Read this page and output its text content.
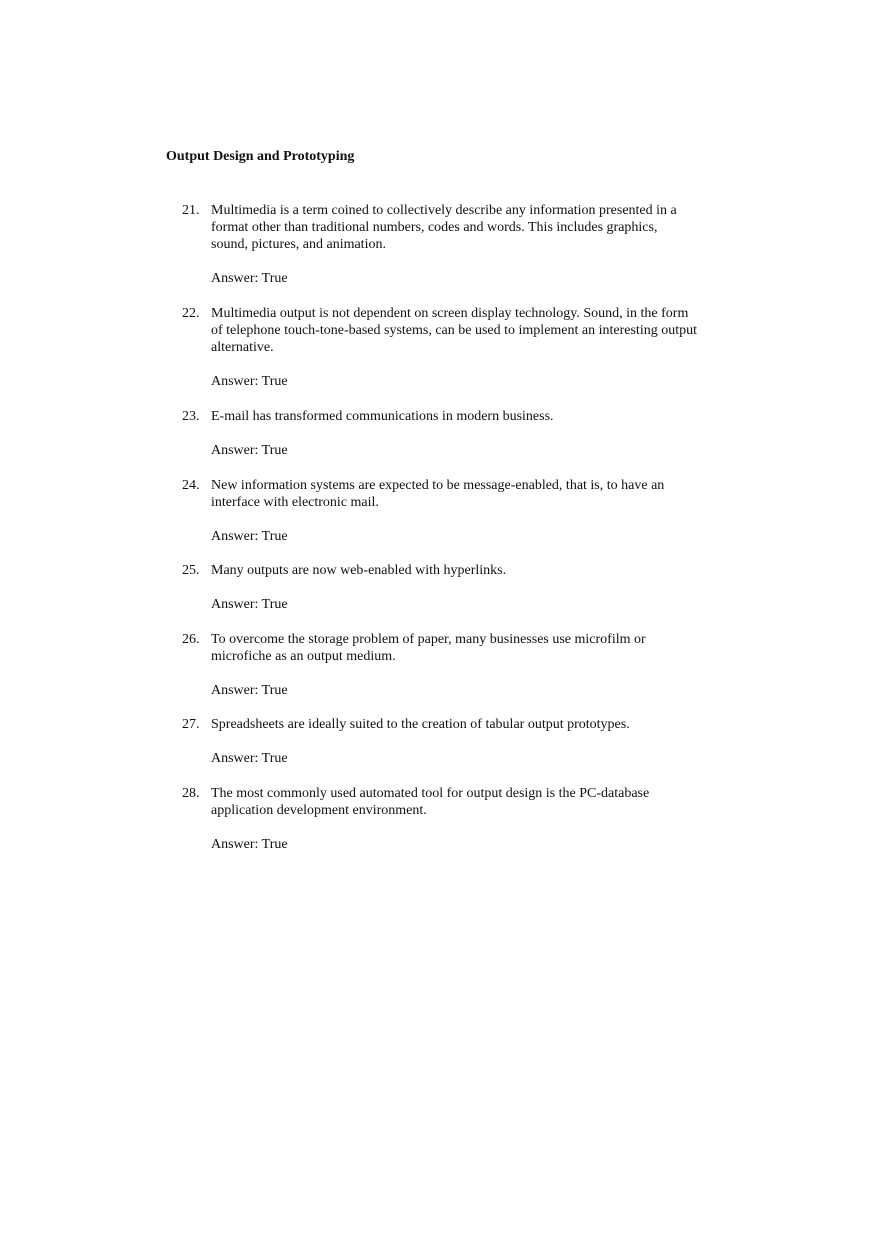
Output Design and Prototyping
21. Multimedia is a term coined to collectively describe any information presented in a
format other than traditional numbers, codes and words. This includes graphics,
sound, pictures, and animation.
Answer: True
22. Multimedia output is not dependent on screen display technology. Sound, in the form
of telephone touch-tone-based systems, can be used to implement an interesting output
alternative.
Answer: True
23. E-mail has transformed communications in modern business.
Answer: True
24. New information systems are expected to be message-enabled, that is, to have an
interface with electronic mail.
Answer: True
25. Many outputs are now web-enabled with hyperlinks.
Answer: True
26. To overcome the storage problem of paper, many businesses use microfilm or
microfiche as an output medium.
Answer: True
27. Spreadsheets are ideally suited to the creation of tabular output prototypes.
Answer: True
28. The most commonly used automated tool for output design is the PC-database
application development environment.
Answer: True
